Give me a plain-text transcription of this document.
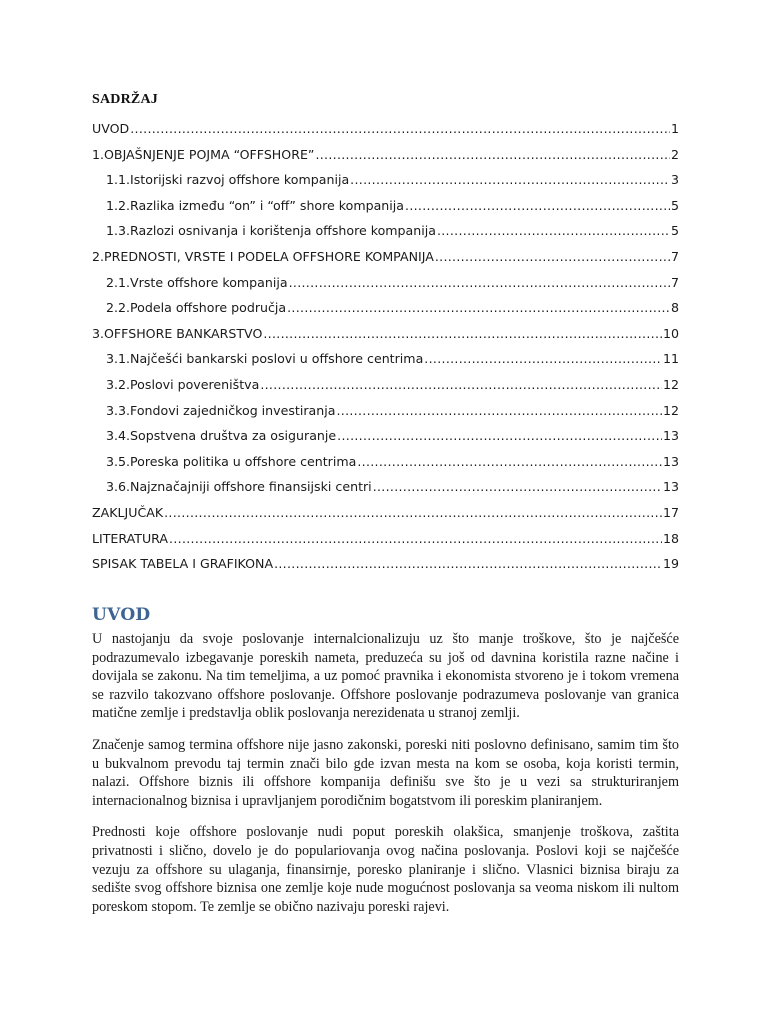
SADRŽAJ
UVOD .....	1
1.OBJAŠNJENJE POJMA “OFFSHORE” .....	2
1.1.Istorijski razvoj offshore kompanija .....	3
1.2.Razlika između “on” i “off” shore kompanija .....	5
1.3.Razlozi osnivanja i korištenja offshore kompanija .....	5
2.PREDNOSTI, VRSTE I PODELA OFFSHORE KOMPANIJA .....	7
2.1.Vrste offshore kompanija .....	7
2.2.Podela offshore područja .....	8
3.OFFSHORE BANKARSTVO .....	10
3.1.Najčešći bankarski poslovi u offshore centrima .....	11
3.2.Poslovi povereništva .....	12
3.3.Fondovi zajedničkog investiranja .....	12
3.4.Sopstvena društva za osiguranje .....	13
3.5.Poreska politika u offshore centrima .....	13
3.6.Najznačajniji offshore finansijski centri .....	13
ZAKLJUČAK .....	17
LITERATURA .....	18
SPISAK TABELA I GRAFIKONA .....	19
UVOD

U nastojanju da svoje poslovanje internalcionalizuju uz što manje troškove, što je najčešće podrazumevalo izbegavanje poreskih nameta, preduzeća su još od davnina koristila razne načine i dovijala se zakonu. Na tim temeljima, a uz pomoć pravnika i ekonomista stvoreno je i tokom vremena se razvilo takozvano offshore poslovanje. Offshore poslovanje podrazumeva poslovanje van granica matične zemlje i predstavlja oblik poslovanja nerezidenata u stranoj zemlji.

Značenje samog termina offshore nije jasno zakonski, poreski niti poslovno definisano, samim tim što u bukvalnom prevodu taj termin znači bilo gde izvan mesta na kom se osoba, koja koristi termin, nalazi. Offshore biznis ili offshore kompanija definišu sve što je u vezi sa strukturiranjem internacionalnog biznisa i upravljanjem porodičnim bogatstvom ili poreskim planiranjem.

Prednosti koje offshore poslovanje nudi poput poreskih olakšica, smanjenje troškova, zaštita privatnosti i slično, dovelo je do populariovanja ovog načina poslovanja. Poslovi koji se najčešće vezuju za offshore su ulaganja, finansirnje, poresko planiranje i slično. Vlasnici biznisa biraju za sedište svog offshore biznisa one zemlje koje nude mogućnost poslovanja sa veoma niskom ili nultom poreskom stopom. Te zemlje se obično nazivaju poreski rajevi.
